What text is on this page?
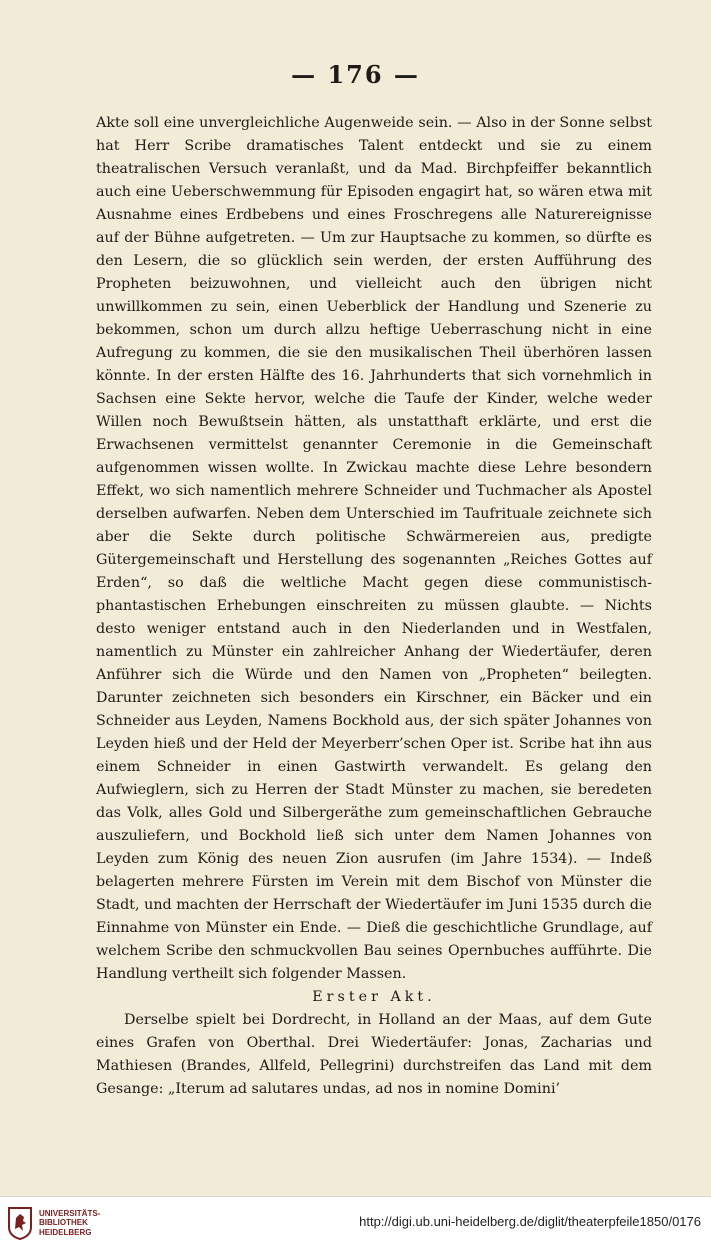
— 176 —

Akte soll eine unvergleichliche Augenweide sein. — Also in der Sonne selbst hat Herr Scribe dramatisches Talent entdeckt und sie zu einem theatralischen Versuch veranlaßt, und da Mad. Birchpfeiffer bekanntlich auch eine Ueberschwemmung für Episoden engagirt hat, so wären etwa mit Ausnahme eines Erdbebens und eines Froschregens alle Naturereignisse auf der Bühne aufgetreten. — Um zur Hauptsache zu kommen, so dürfte es den Lesern, die so glücklich sein werden, der ersten Aufführung des Propheten beizuwohnen, und vielleicht auch den übrigen nicht unwillkommen zu sein, einen Ueberblick der Handlung und Szenerie zu bekommen, schon um durch allzu heftige Ueberraschung nicht in eine Aufregung zu kommen, die sie den musikalischen Theil überhören lassen könnte. In der ersten Hälfte des 16. Jahrhunderts that sich vornehmlich in Sachsen eine Sekte hervor, welche die Taufe der Kinder, welche weder Willen noch Bewußtsein hätten, als unstatthaft erklärte, und erst die Erwachsenen vermittelst genannter Ceremonie in die Gemeinschaft aufgenommen wissen wollte. In Zwickau machte diese Lehre besondern Effekt, wo sich namentlich mehrere Schneider und Tuchmacher als Apostel derselben aufwarfen. Neben dem Unterschied im Taufrituale zeichnete sich aber die Sekte durch politische Schwärmereien aus, predigte Gütergemeinschaft und Herstellung des sogenannten „Reiches Gottes auf Erden“, so daß die weltliche Macht gegen diese communistisch-phantastischen Erhebungen einschreiten zu müssen glaubte. — Nichts desto weniger entstand auch in den Niederlanden und in Westfalen, namentlich zu Münster ein zahlreicher Anhang der Wiedertäufer, deren Anführer sich die Würde und den Namen von „Propheten“ beilegten. Darunter zeichneten sich besonders ein Kirschner, ein Bäcker und ein Schneider aus Leyden, Namens Bockhold aus, der sich später Johannes von Leyden hieß und der Held der Meyerberr’schen Oper ist. Scribe hat ihn aus einem Schneider in einen Gastwirth verwandelt. Es gelang den Aufwieglern, sich zu Herren der Stadt Münster zu machen, sie beredeten das Volk, alles Gold und Silbergeräthe zum gemeinschaftlichen Gebrauche auszuliefern, und Bockhold ließ sich unter dem Namen Johannes von Leyden zum König des neuen Zion ausrufen (im Jahre 1534). — Indeß belagerten mehrere Fürsten im Verein mit dem Bischof von Münster die Stadt, und machten der Herrschaft der Wiedertäufer im Juni 1535 durch die Einnahme von Münster ein Ende. — Dieß die geschichtliche Grundlage, auf welchem Scribe den schmuckvollen Bau seines Opernbuches aufführte. Die Handlung vertheilt sich folgender Massen.

Erster Akt.

Derselbe spielt bei Dordrecht, in Holland an der Maas, auf dem Gute eines Grafen von Oberthal. Drei Wiedertäufer: Jonas, Zacharias und Mathiesen (Brandes, Allfeld, Pellegrini) durchstreifen das Land mit dem Gesange: „Iterum ad salutares undas, ad nos in nomine Domini’

UNIVERSITÄTS-
BIBLIOTHEK
HEIDELBERG
http://digi.ub.uni-heidelberg.de/diglit/theaterpfeile1850/0176
